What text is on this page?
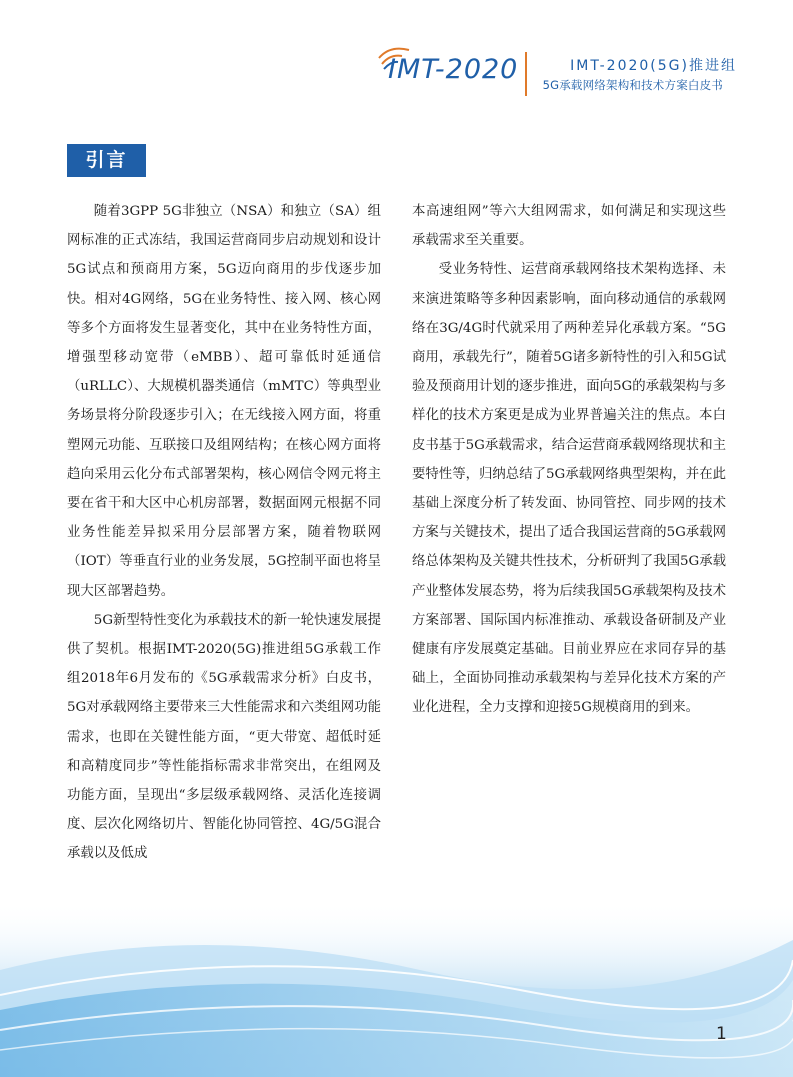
IMT-2020	IMT-2020(5G)推进组
5G承载网络架构和技术方案白皮书
引言

随着3GPP 5G非独立（NSA）和独立（SA）组网标准的正式冻结，我国运营商同步启动规划和设计5G试点和预商用方案，5G迈向商用的步伐逐步加快。相对4G网络，5G在业务特性、接入网、核心网等多个方面将发生显著变化，其中在业务特性方面，增强型移动宽带（eMBB）、超可靠低时延通信（uRLLC）、大规模机器类通信（mMTC）等典型业务场景将分阶段逐步引入；在无线接入网方面，将重塑网元功能、互联接口及组网结构；在核心网方面将趋向采用云化分布式部署架构，核心网信令网元将主要在省干和大区中心机房部署，数据面网元根据不同业务性能差异拟采用分层部署方案，随着物联网（IOT）等垂直行业的业务发展，5G控制平面也将呈现大区部署趋势。

5G新型特性变化为承载技术的新一轮快速发展提供了契机。根据IMT-2020(5G)推进组5G承载工作组2018年6月发布的《5G承载需求分析》白皮书，5G对承载网络主要带来三大性能需求和六类组网功能需求，也即在关键性能方面，“更大带宽、超低时延和高精度同步”等性能指标需求非常突出，在组网及功能方面，呈现出“多层级承载网络、灵活化连接调度、层次化网络切片、智能化协同管控、4G/5G混合承载以及低成

本高速组网”等六大组网需求，如何满足和实现这些承载需求至关重要。

受业务特性、运营商承载网络技术架构选择、未来演进策略等多种因素影响，面向移动通信的承载网络在3G/4G时代就采用了两种差异化承载方案。“5G商用，承载先行”，随着5G诸多新特性的引入和5G试验及预商用计划的逐步推进，面向5G的承载架构与多样化的技术方案更是成为业界普遍关注的焦点。本白皮书基于5G承载需求，结合运营商承载网络现状和主要特性等，归纳总结了5G承载网络典型架构，并在此基础上深度分析了转发面、协同管控、同步网的技术方案与关键技术，提出了适合我国运营商的5G承载网络总体架构及关键共性技术，分析研判了我国5G承载产业整体发展态势，将为后续我国5G承载架构及技术方案部署、国际国内标准推动、承载设备研制及产业健康有序发展奠定基础。目前业界应在求同存异的基础上，全面协同推动承载架构与差异化技术方案的产业化进程，全力支撑和迎接5G规模商用的到来。

1
